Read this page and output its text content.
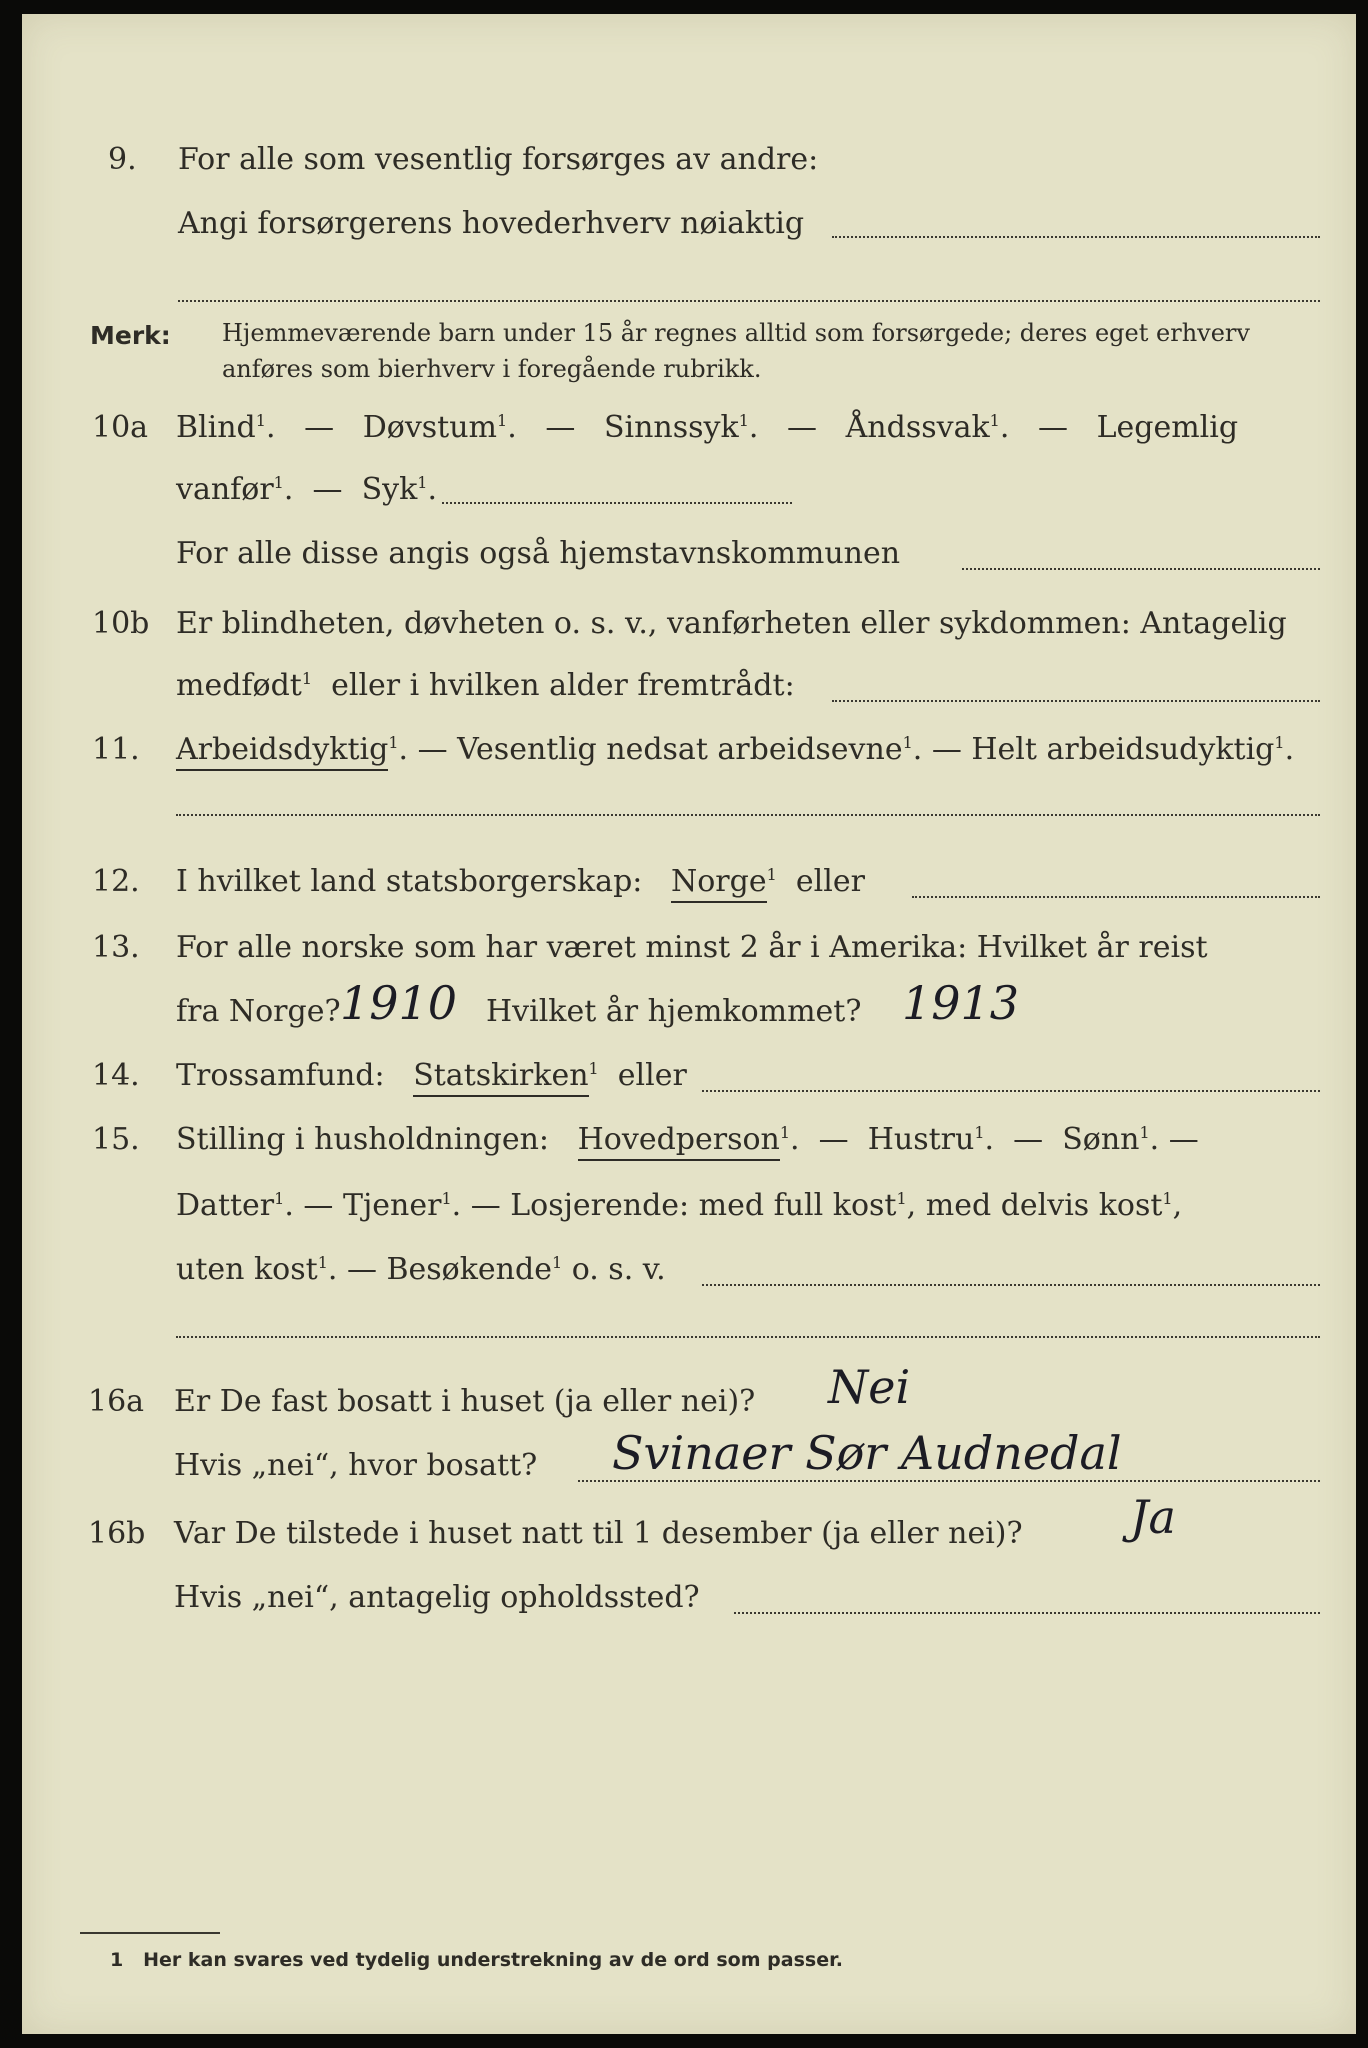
9. For alle som vesentlig forsørges av andre:
Angi forsørgerens hovederhverv nøiaktig
Merk: Hjemmeværende barn under 15 år regnes alltid som forsørgede; deres eget erhverv
anføres som bierhverv i foregående rubrikk.
10a Blind$^1$. — Døvstum$^1$. — Sinnssyk$^1$. — Åndssvak$^1$. — Legemlig
vanfør$^1$. — Syk$^1$.
For alle disse angis også hjemstavnskommunen
10b Er blindheten, døvheten o. s. v., vanførheten eller sykdommen: Antagelig
medfødt$^1$ eller i hvilken alder fremtrådt:
11. Arbeidsdyktig$^1$. — Vesentlig nedsat arbeidsevne$^1$. — Helt arbeidsudyktig$^1$.
12. I hvilket land statsborgerskap: Norge$^1$ eller
13. For alle norske som har været minst 2 år i Amerika: Hvilket år reist
fra Norge?	Hvilket år hjemkommet?
1910	1913
14. Trossamfund: Statskirken$^1$ eller
15. Stilling i husholdningen: Hovedperson$^1$.  —  Hustru$^1$.  —  Sønn$^1$. —
Datter$^1$. — Tjener$^1$. — Losjerende: med full kost$^1$, med delvis kost$^1$,
uten kost$^1$. — Besøkende$^1$ o. s. v.
16a Er De fast bosatt i huset (ja eller nei)? Nei
Hvis „nei“, hvor bosatt? Svinaer Sør Audnedal
16b Var De tilstede i huset natt til 1 desember (ja eller nei)? Ja
Hvis „nei“, antagelig opholdssted?
1 Her kan svares ved tydelig understrekning av de ord som passer.
